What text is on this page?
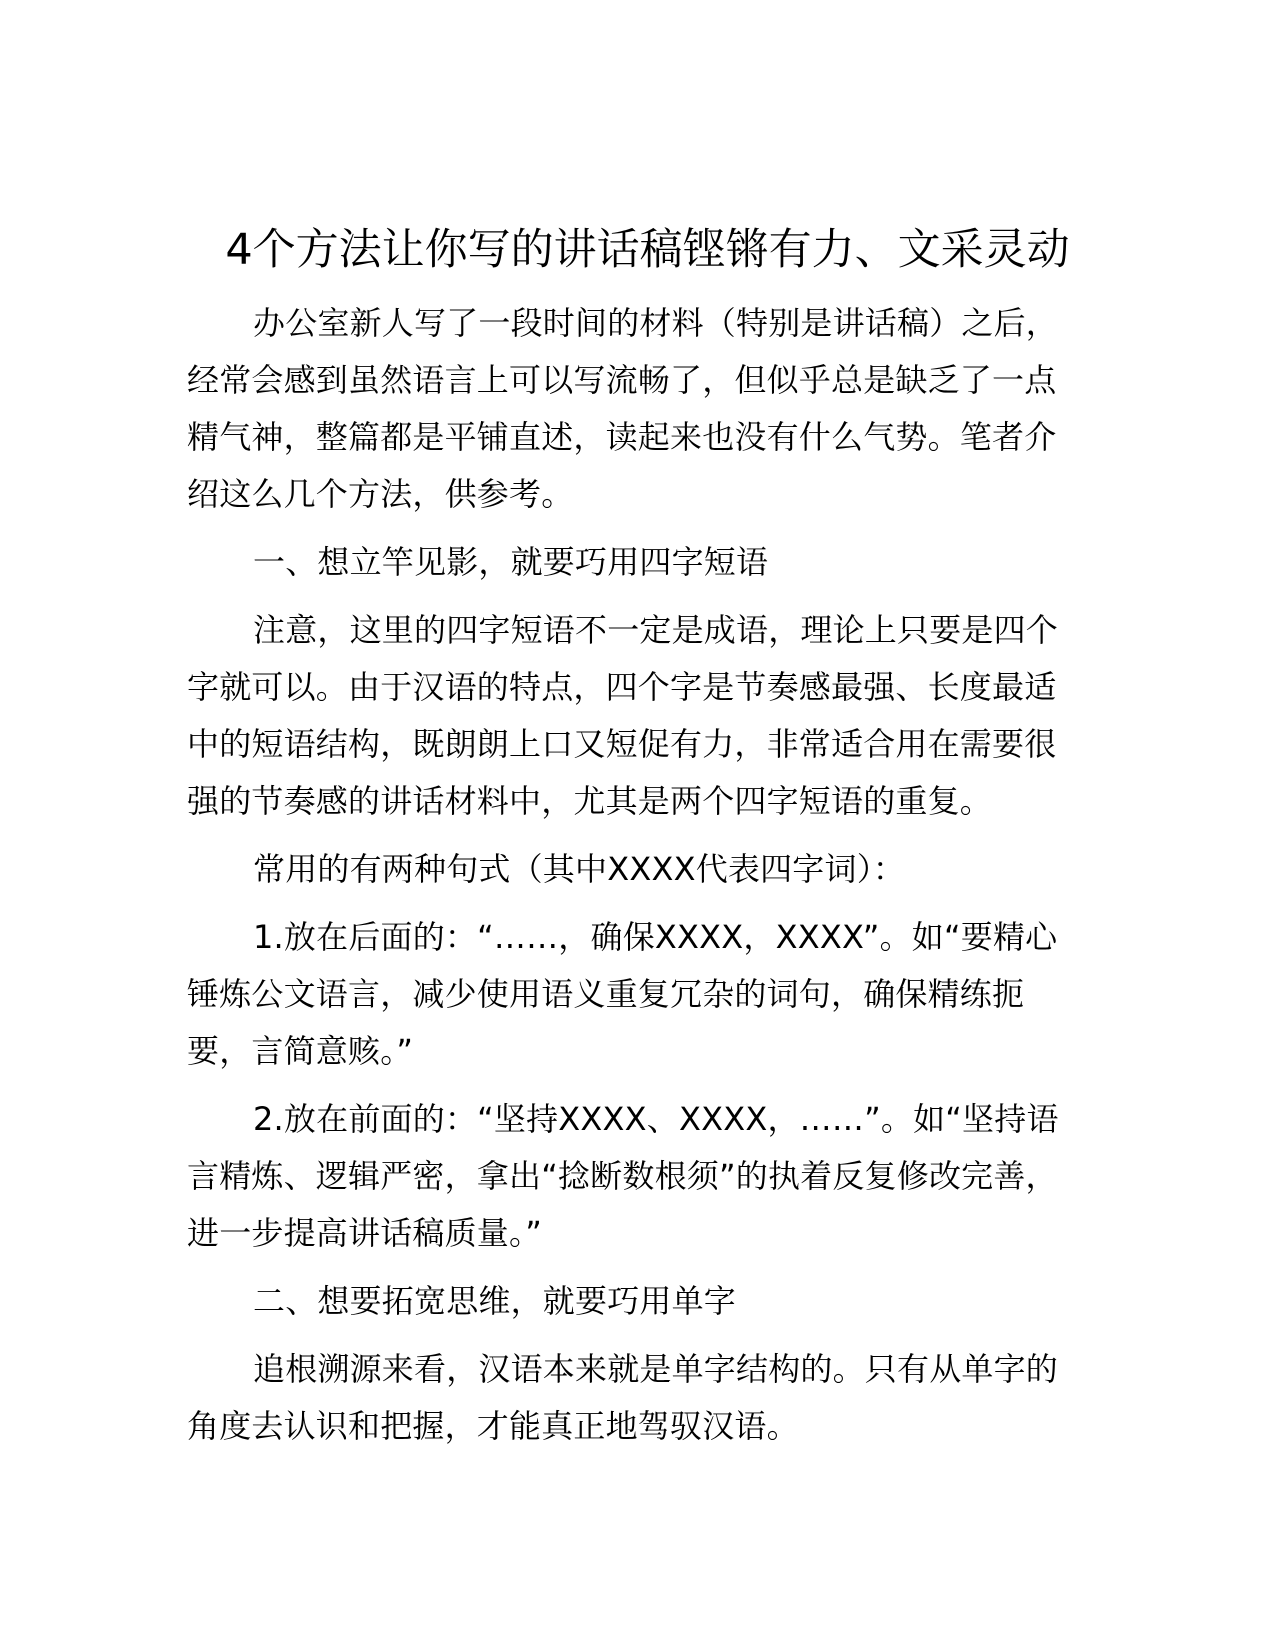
4个方法让你写的讲话稿铿锵有力、文采灵动

办公室新人写了一段时间的材料（特别是讲话稿）之后，经常会感到虽然语言上可以写流畅了，但似乎总是缺乏了一点精气神，整篇都是平铺直述，读起来也没有什么气势。笔者介绍这么几个方法，供参考。

一、想立竿见影，就要巧用四字短语

注意，这里的四字短语不一定是成语，理论上只要是四个字就可以。由于汉语的特点，四个字是节奏感最强、长度最适中的短语结构，既朗朗上口又短促有力，非常适合用在需要很强的节奏感的讲话材料中，尤其是两个四字短语的重复。

常用的有两种句式（其中XXXX代表四字词）：

1.放在后面的：“……，确保XXXX，XXXX”。如“要精心锤炼公文语言，减少使用语义重复冗杂的词句，确保精练扼要，言简意赅。”

2.放在前面的：“坚持XXXX、XXXX，……”。如“坚持语言精炼、逻辑严密，拿出“捻断数根须”的执着反复修改完善，进一步提高讲话稿质量。”

二、想要拓宽思维，就要巧用单字

追根溯源来看，汉语本来就是单字结构的。只有从单字的角度去认识和把握，才能真正地驾驭汉语。
